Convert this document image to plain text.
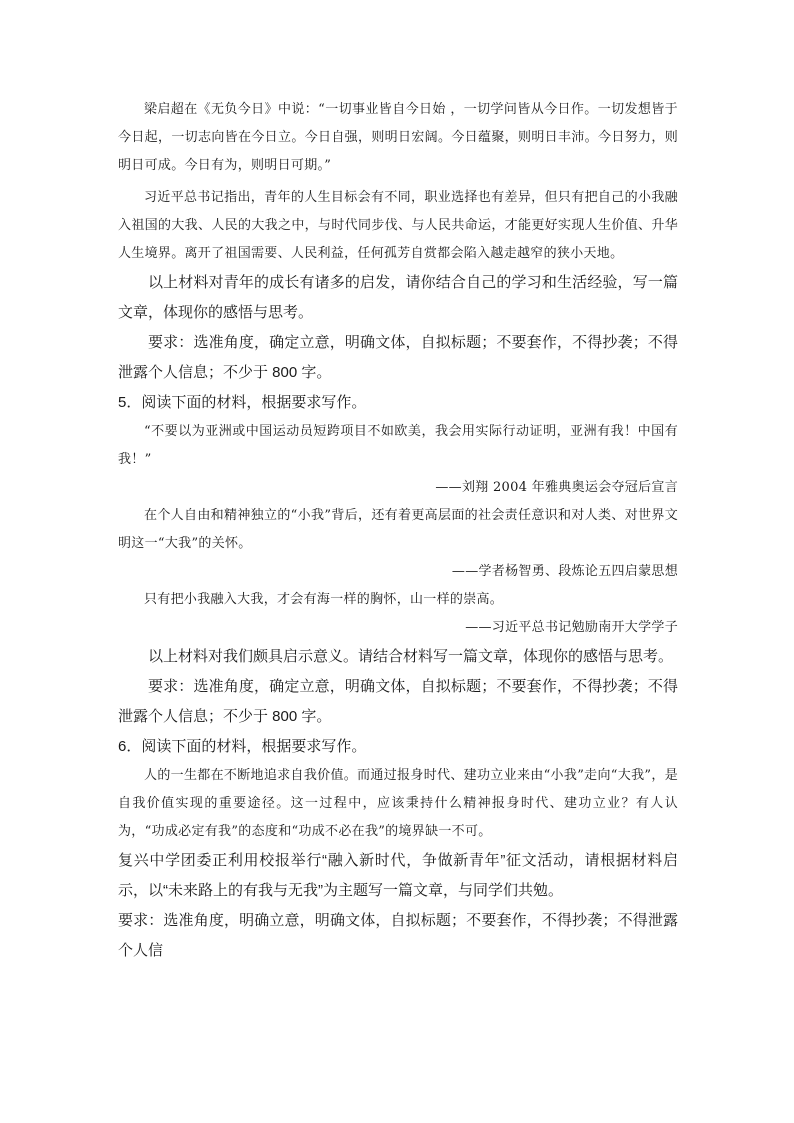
梁启超在《无负今日》中说：“一切事业皆自今日始 ，一切学问皆从今日作。一切发想皆于今日起，一切志向皆在今日立。今日自强，则明日宏阔。今日蕴聚，则明日丰沛。今日努力，则明日可成。今日有为，则明日可期。”

习近平总书记指出，青年的人生目标会有不同，职业选择也有差异，但只有把自己的小我融入祖国的大我、人民的大我之中，与时代同步伐、与人民共命运，才能更好实现人生价值、升华人生境界。离开了祖国需要、人民利益，任何孤芳自赏都会陷入越走越窄的狭小天地。

以上材料对青年的成长有诸多的启发，请你结合自己的学习和生活经验，写一篇文章，体现你的感悟与思考。

要求：选准角度，确定立意，明确文体，自拟标题；不要套作，不得抄袭；不得泄露个人信息；不少于 800 字。

5．阅读下面的材料，根据要求写作。

“不要以为亚洲或中国运动员短跨项目不如欧美，我会用实际行动证明，亚洲有我！中国有我！”

——刘翔 2004 年雅典奥运会夺冠后宣言

在个人自由和精神独立的“小我”背后，还有着更高层面的社会责任意识和对人类、对世界文明这一“大我”的关怀。

——学者杨智勇、段炼论五四启蒙思想

只有把小我融入大我，才会有海一样的胸怀，山一样的崇高。

——习近平总书记勉励南开大学学子

以上材料对我们颇具启示意义。请结合材料写一篇文章，体现你的感悟与思考。

要求：选准角度，确定立意，明确文体，自拟标题；不要套作，不得抄袭；不得泄露个人信息；不少于 800 字。

6．阅读下面的材料，根据要求写作。

人的一生都在不断地追求自我价值。而通过报身时代、建功立业来由“小我”走向“大我”，是自我价值实现的重要途径。这一过程中，应该秉持什么精神报身时代、建功立业？有人认为，“功成必定有我”的态度和“功成不必在我”的境界缺一不可。

复兴中学团委正利用校报举行“融入新时代，争做新青年”征文活动，请根据材料启示，以“未来路上的有我与无我”为主题写一篇文章，与同学们共勉。

要求：选准角度，明确立意，明确文体，自拟标题；不要套作，不得抄袭；不得泄露个人信
